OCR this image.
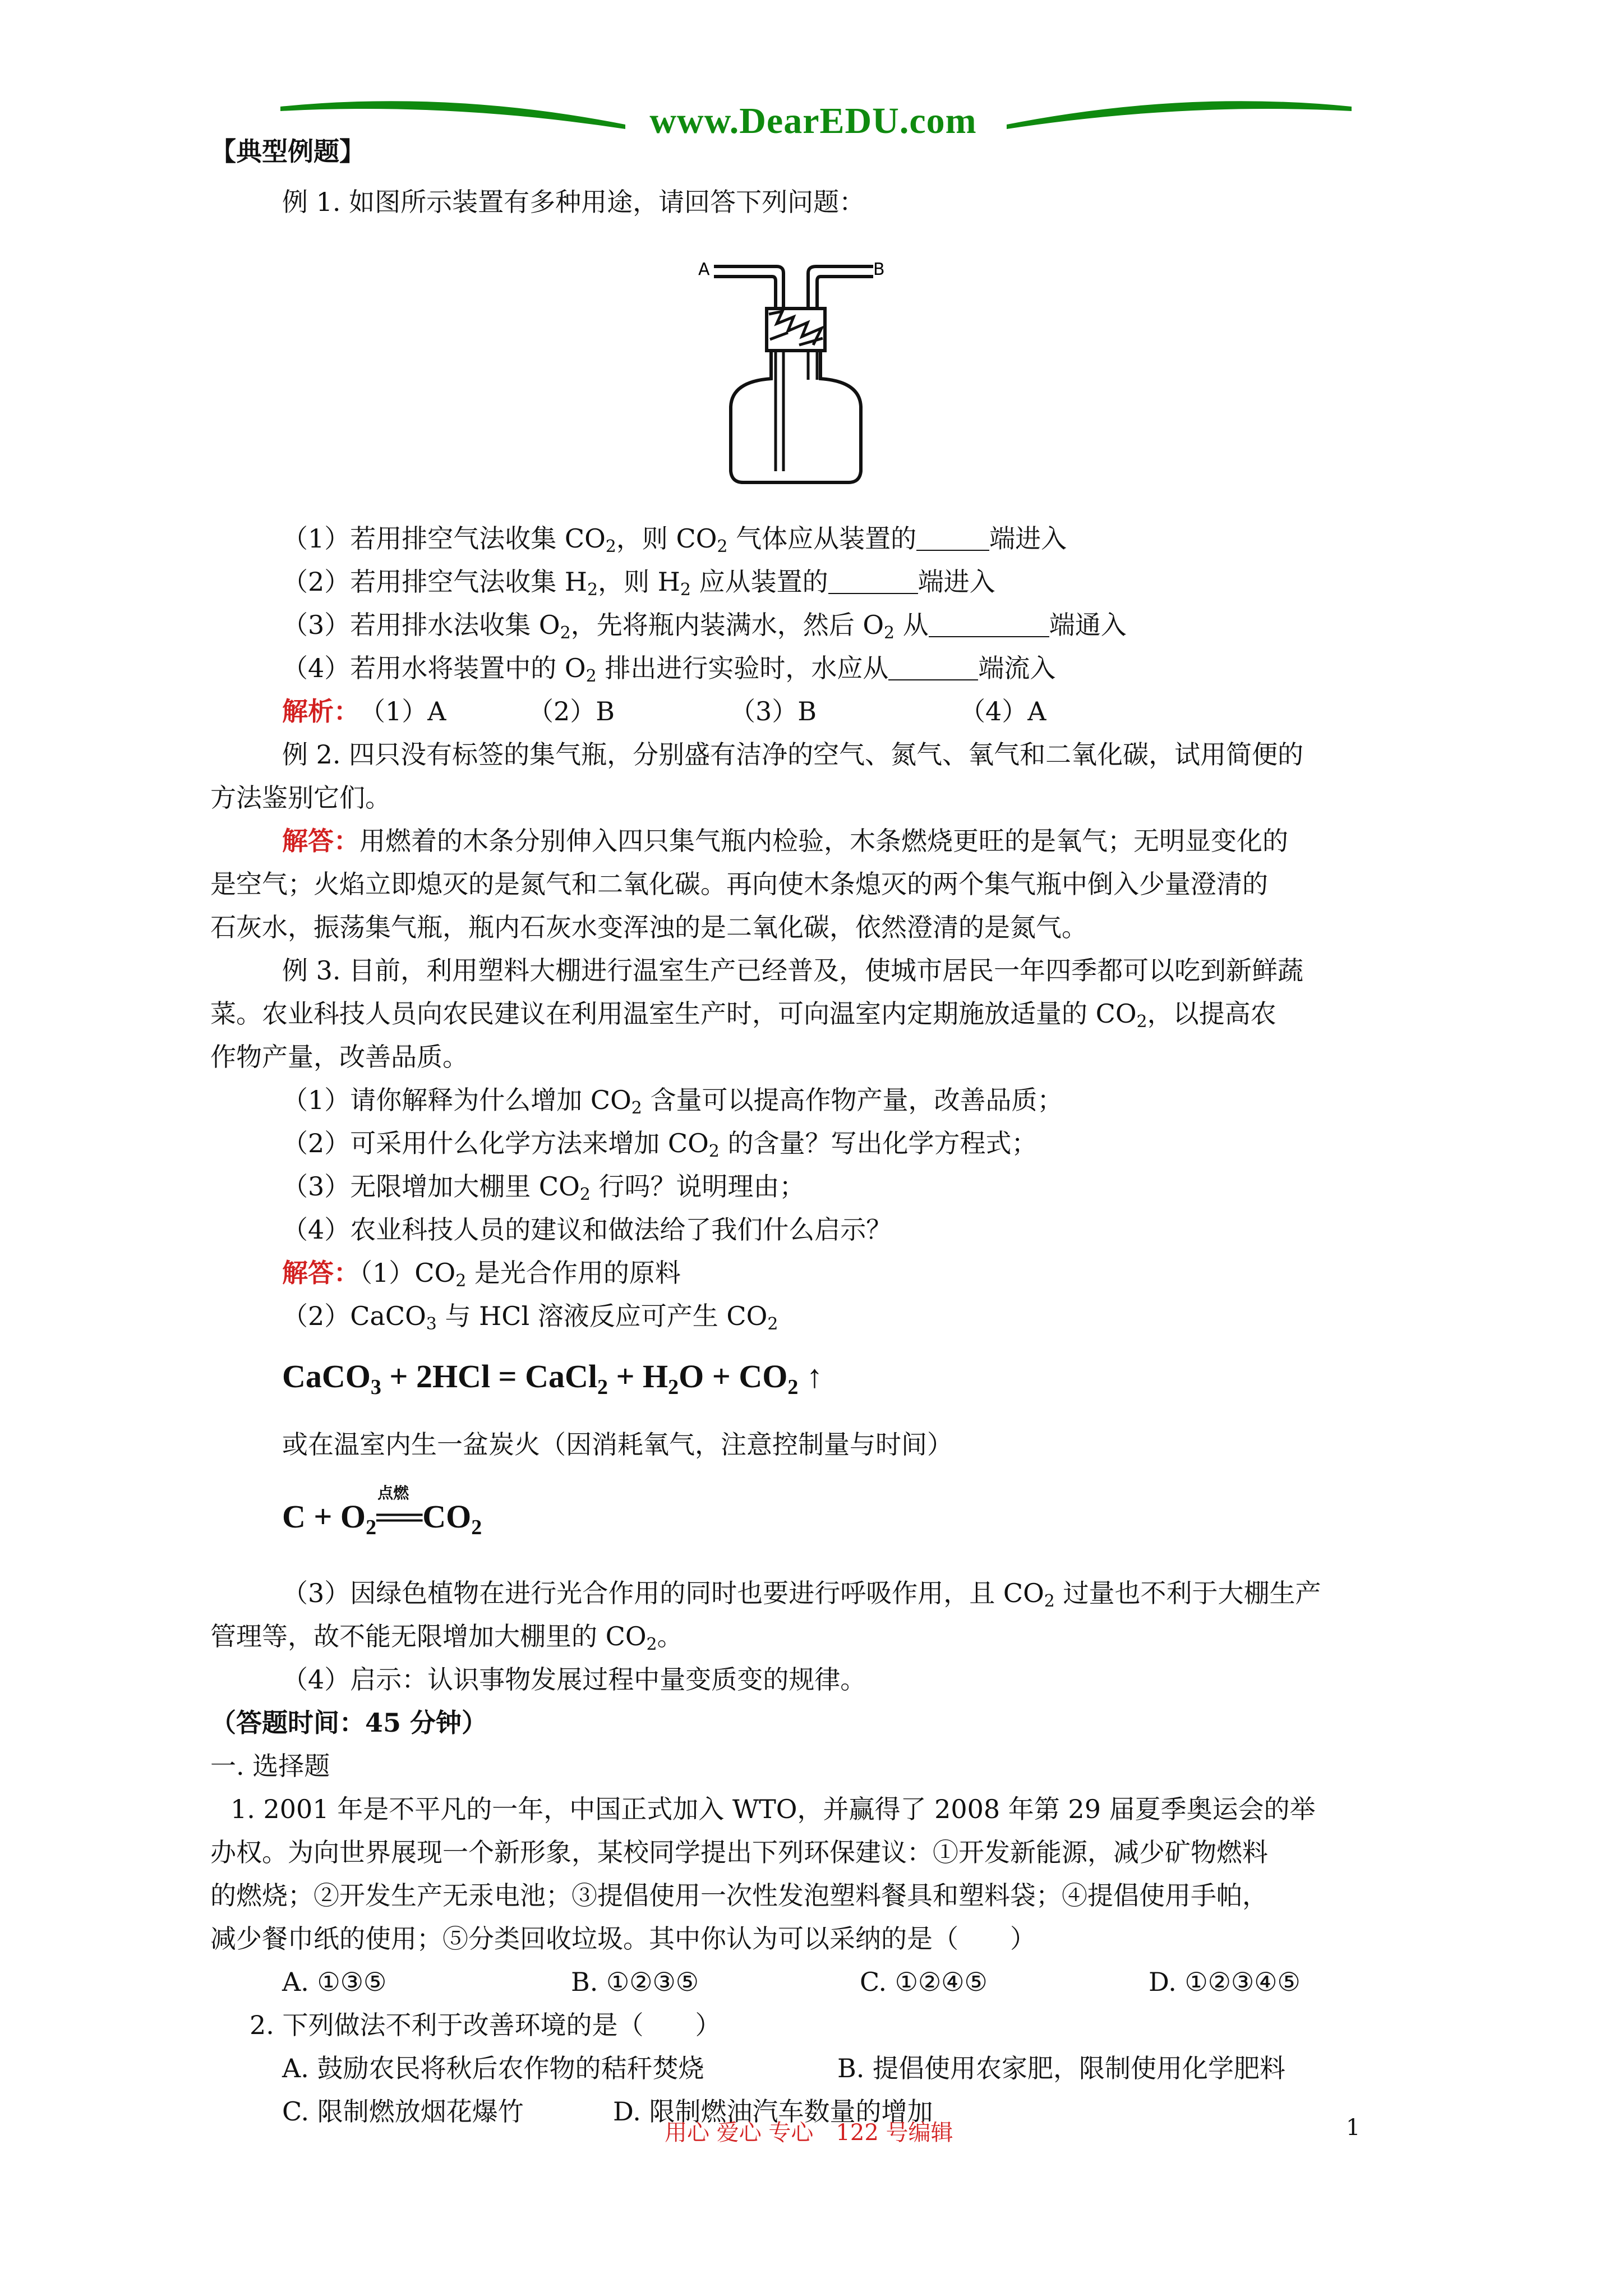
www.DearEDU.com
【典型例题】
例 1. 如图所示装置有多种用途，请回答下列问题：
A	B
（1）若用排空气法收集 $CO_2$，则 $CO_2$ 气体应从装置的	端进入
（2）若用排空气法收集 $H_2$，则 $H_2$ 应从装置的	端进入
（3）若用排水法收集 $O_2$，先将瓶内装满水，然后 $O_2$ 从	端通入
（4）若用水将装置中的 $O_2$ 排出进行实验时，水应从	端流入
解析：（1）A	（2）B	（3）B	（4）A
例 2. 四只没有标签的集气瓶，分别盛有洁净的空气、氮气、氧气和二氧化碳，试用简便的
方法鉴别它们。
解答：用燃着的木条分别伸入四只集气瓶内检验，木条燃烧更旺的是氧气；无明显变化的
是空气；火焰立即熄灭的是氮气和二氧化碳。再向使木条熄灭的两个集气瓶中倒入少量澄清的
石灰水，振荡集气瓶，瓶内石灰水变浑浊的是二氧化碳，依然澄清的是氮气。
例 3. 目前，利用塑料大棚进行温室生产已经普及，使城市居民一年四季都可以吃到新鲜蔬
菜。农业科技人员向农民建议在利用温室生产时，可向温室内定期施放适量的 $CO_2$，以提高农
作物产量，改善品质。
（1）请你解释为什么增加 $CO_2$ 含量可以提高作物产量，改善品质；
（2）可采用什么化学方法来增加 $CO_2$ 的含量？写出化学方程式；
（3）无限增加大棚里 $CO_2$ 行吗？说明理由；
（4）农业科技人员的建议和做法给了我们什么启示？
解答：$(1)CO_2$ 是光合作用的原料
（2）CaCO$_3$ 与 HCl 溶液反应可产生 $CO_2$
CaCO$_3$ + 2HCl = CaCl$_2$ + $H_2O + CO_2$ ↑
或在温室内生一盆炭火（因消耗氧气，注意控制量与时间）
$C + O_2$
点燃
$══CO_2$
（3）因绿色植物在进行光合作用的同时也要进行呼吸作用，且 $CO_2$ 过量也不利于大棚生产
管理等，故不能无限增加大棚里的 $CO_2$。
（4）启示：认识事物发展过程中量变质变的规律。
（答题时间：45 分钟）
一. 选择题
1. 2001 年是不平凡的一年，中国正式加入 WTO，并赢得了 2008 年第 29 届夏季奥运会的举
办权。为向世界展现一个新形象，某校同学提出下列环保建议：①开发新能源，减少矿物燃料
的燃烧；②开发生产无汞电池；③提倡使用一次性发泡塑料餐具和塑料袋；④提倡使用手帕，
减少餐巾纸的使用；⑤分类回收垃圾。其中你认为可以采纳的是（　　）
A. ①③⑤	B. ①②③⑤	C. ①②④⑤	D. ①②③④⑤
2. 下列做法不利于改善环境的是（　　）
A. 鼓励农民将秋后农作物的秸秆焚烧	B. 提倡使用农家肥，限制使用化学肥料
C. 限制燃放烟花爆竹	D. 限制燃油汽车数量的增加
用心 爱心 专心　122 号编辑	1
